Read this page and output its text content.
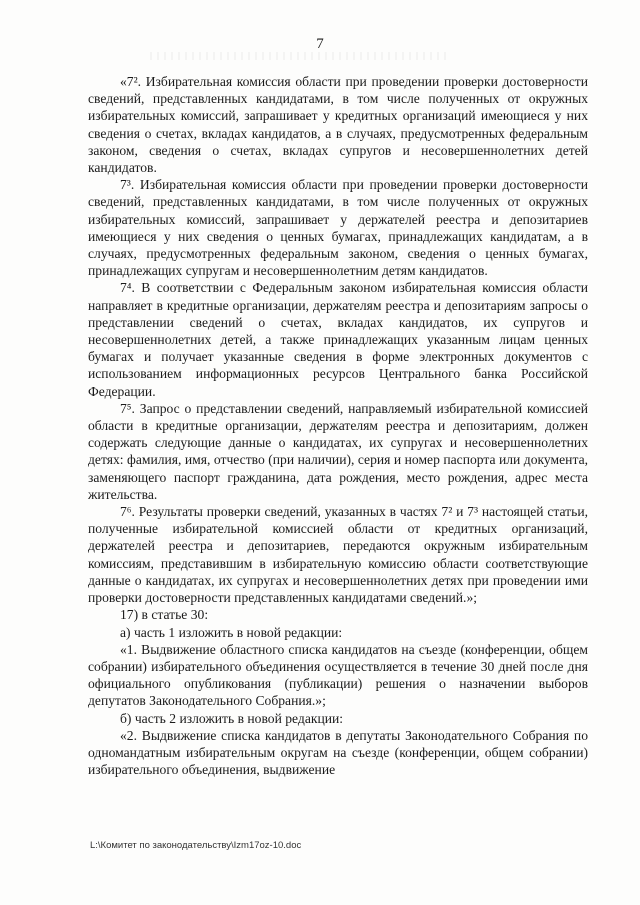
7

«7². Избирательная комиссия области при проведении проверки достоверности сведений, представленных кандидатами, в том числе полученных от окружных избирательных комиссий, запрашивает у кредитных организаций имеющиеся у них сведения о счетах, вкладах кандидатов, а в случаях, предусмотренных федеральным законом, сведения о счетах, вкладах супругов и несовершеннолетних детей кандидатов.

7³. Избирательная комиссия области при проведении проверки достоверности сведений, представленных кандидатами, в том числе полученных от окружных избирательных комиссий, запрашивает у держателей реестра и депозитариев имеющиеся у них сведения о ценных бумагах, принадлежащих кандидатам, а в случаях, предусмотренных федеральным законом, сведения о ценных бумагах, принадлежащих супругам и несовершеннолетним детям кандидатов.

7⁴. В соответствии с Федеральным законом избирательная комиссия области направляет в кредитные организации, держателям реестра и депозитариям запросы о представлении сведений о счетах, вкладах кандидатов, их супругов и несовершеннолетних детей, а также принадлежащих указанным лицам ценных бумагах и получает указанные сведения в форме электронных документов с использованием информационных ресурсов Центрального банка Российской Федерации.

7⁵. Запрос о представлении сведений, направляемый избирательной комиссией области в кредитные организации, держателям реестра и депозитариям, должен содержать следующие данные о кандидатах, их супругах и несовершеннолетних детях: фамилия, имя, отчество (при наличии), серия и номер паспорта или документа, заменяющего паспорт гражданина, дата рождения, место рождения, адрес места жительства.

7⁶. Результаты проверки сведений, указанных в частях 7² и 7³ настоящей статьи, полученные избирательной комиссией области от кредитных организаций, держателей реестра и депозитариев, передаются окружным избирательным комиссиям, представившим в избирательную комиссию области соответствующие данные о кандидатах, их супругах и несовершеннолетних детях при проведении ими проверки достоверности представленных кандидатами сведений.»;

17) в статье 30:

а) часть 1 изложить в новой редакции:

«1. Выдвижение областного списка кандидатов на съезде (конференции, общем собрании) избирательного объединения осуществляется в течение 30 дней после дня официального опубликования (публикации) решения о назначении выборов депутатов Законодательного Собрания.»;

б) часть 2 изложить в новой редакции:

«2. Выдвижение списка кандидатов в депутаты Законодательного Собрания по одномандатным избирательным округам на съезде (конференции, общем собрании) избирательного объединения, выдвижение

L:\Комитет по законодательству\Izm17oz-10.doc
